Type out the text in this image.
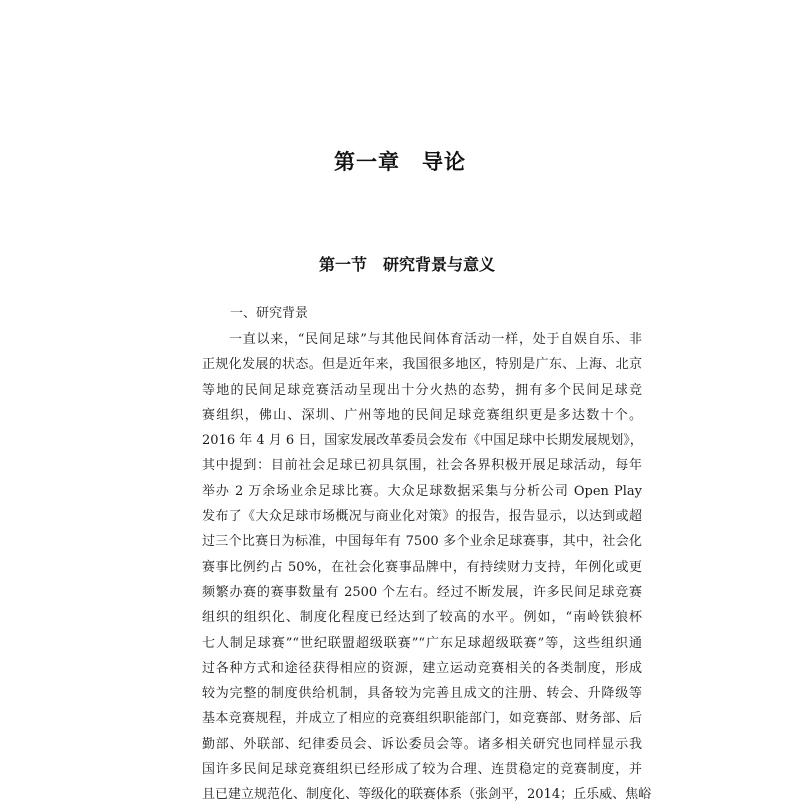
第一章　导论
第一节　研究背景与意义
一、研究背景
一直以来，“民间足球”与其他民间体育活动一样，处于自娱自乐、非
正规化发展的状态。但是近年来，我国很多地区，特别是广东、上海、北京
等地的民间足球竞赛活动呈现出十分火热的态势，拥有多个民间足球竞
赛组织，佛山、深圳、广州等地的民间足球竞赛组织更是多达数十个。
2016 年 4 月 6 日，国家发展改革委员会发布《中国足球中长期发展规划》，
其中提到：目前社会足球已初具氛围，社会各界积极开展足球活动，每年
举办 2 万余场业余足球比赛。大众足球数据采集与分析公司 Open Play
发布了《大众足球市场概况与商业化对策》的报告，报告显示，以达到或超
过三个比赛日为标准，中国每年有 7500 多个业余足球赛事，其中，社会化
赛事比例约占 50%，在社会化赛事品牌中，有持续财力支持，年例化或更
频繁办赛的赛事数量有 2500 个左右。经过不断发展，许多民间足球竞赛
组织的组织化、制度化程度已经达到了较高的水平。例如，“南岭铁狼杯
七人制足球赛”“世纪联盟超级联赛”“广东足球超级联赛”等，这些组织通
过各种方式和途径获得相应的资源，建立运动竞赛相关的各类制度，形成
较为完整的制度供给机制，具备较为完善且成文的注册、转会、升降级等
基本竞赛规程，并成立了相应的竞赛组织职能部门，如竞赛部、财务部、后
勤部、外联部、纪律委员会、诉讼委员会等。诸多相关研究也同样显示我
国许多民间足球竞赛组织已经形成了较为合理、连贯稳定的竞赛制度，并
且已建立规范化、制度化、等级化的联赛体系（张剑平，2014；丘乐威、焦峪
